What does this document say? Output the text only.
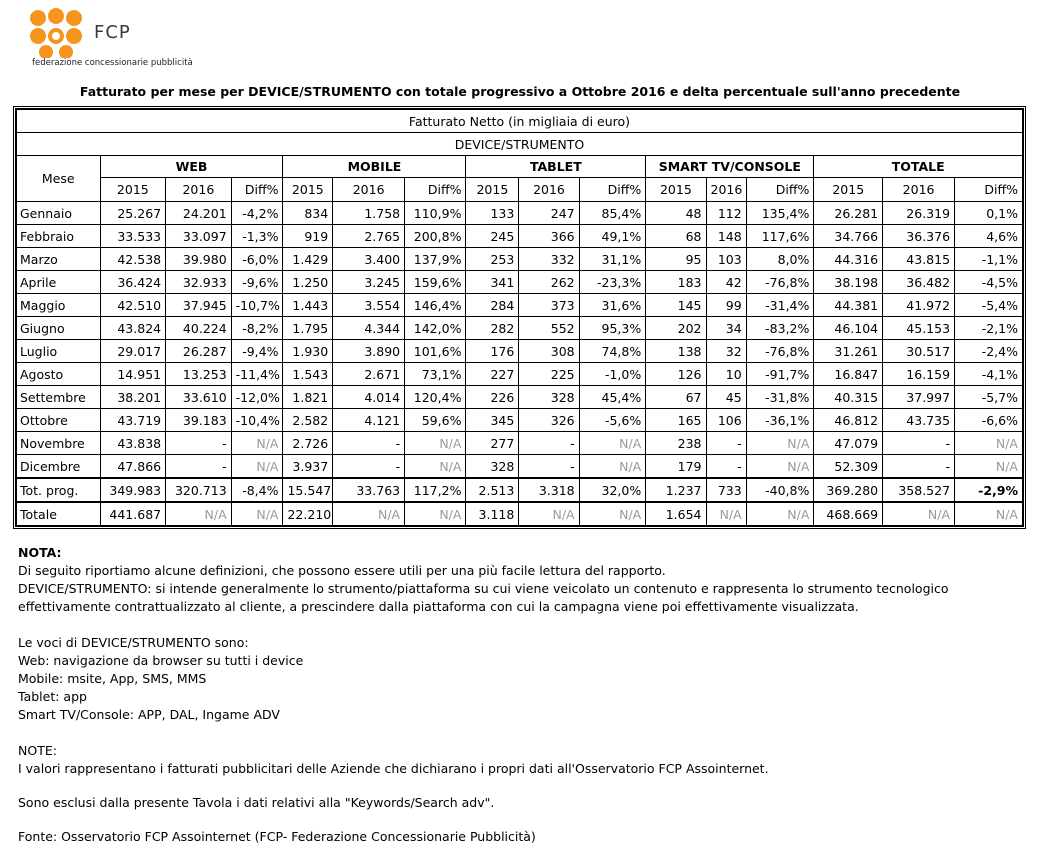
FCP
federazione concessionarie pubblicità
Fatturato per mese per DEVICE/STRUMENTO con totale progressivo a Ottobre 2016 e delta percentuale sull'anno precedente
Fatturato Netto (in migliaia di euro)															
DEVICE/STRUMENTO															
Mese	WEB			MOBILE			TABLET			SMART TV/CONSOLE			TOTALE		
	2015	2016	Diff%	2015	2016	Diff%	2015	2016	Diff%	2015	2016	Diff%	2015	2016	Diff%
Gennaio	25.267	24.201	-4,2%	834	1.758	110,9%	133	247	85,4%	48	112	135,4%	26.281	26.319	0,1%
Febbraio	33.533	33.097	-1,3%	919	2.765	200,8%	245	366	49,1%	68	148	117,6%	34.766	36.376	4,6%
Marzo	42.538	39.980	-6,0%	1.429	3.400	137,9%	253	332	31,1%	95	103	8,0%	44.316	43.815	-1,1%
Aprile	36.424	32.933	-9,6%	1.250	3.245	159,6%	341	262	-23,3%	183	42	-76,8%	38.198	36.482	-4,5%
Maggio	42.510	37.945	-10,7%	1.443	3.554	146,4%	284	373	31,6%	145	99	-31,4%	44.381	41.972	-5,4%
Giugno	43.824	40.224	-8,2%	1.795	4.344	142,0%	282	552	95,3%	202	34	-83,2%	46.104	45.153	-2,1%
Luglio	29.017	26.287	-9,4%	1.930	3.890	101,6%	176	308	74,8%	138	32	-76,8%	31.261	30.517	-2,4%
Agosto	14.951	13.253	-11,4%	1.543	2.671	73,1%	227	225	-1,0%	126	10	-91,7%	16.847	16.159	-4,1%
Settembre	38.201	33.610	-12,0%	1.821	4.014	120,4%	226	328	45,4%	67	45	-31,8%	40.315	37.997	-5,7%
Ottobre	43.719	39.183	-10,4%	2.582	4.121	59,6%	345	326	-5,6%	165	106	-36,1%	46.812	43.735	-6,6%
Novembre	43.838	-	N/A	2.726	-	N/A	277	-	N/A	238	-	N/A	47.079	-	N/A
Dicembre	47.866	-	N/A	3.937	-	N/A	328	-	N/A	179	-	N/A	52.309	-	N/A
Tot. prog.	349.983	320.713	-8,4%	15.547	33.763	117,2%	2.513	3.318	32,0%	1.237	733	-40,8%	369.280	358.527	-2,9%
Totale	441.687	N/A	N/A	22.210	N/A	N/A	3.118	N/A	N/A	1.654	N/A	N/A	468.669	N/A	N/A

NOTA:

Di seguito riportiamo alcune definizioni, che possono essere utili per una più facile lettura del rapporto.

DEVICE/STRUMENTO: si intende generalmente lo strumento/piattaforma su cui viene veicolato un contenuto e rappresenta lo strumento tecnologico

effettivamente contrattualizzato al cliente, a prescindere dalla piattaforma con cui la campagna viene poi effettivamente visualizzata.

Le voci di DEVICE/STRUMENTO sono:

Web: navigazione da browser su tutti i device

Mobile: msite, App, SMS, MMS

Tablet: app

Smart TV/Console: APP, DAL, Ingame ADV

NOTE:

I valori rappresentano i fatturati pubblicitari delle Aziende che dichiarano i propri dati all'Osservatorio FCP Assointernet.

Sono esclusi dalla presente Tavola i dati relativi alla "Keywords/Search adv".

Fonte: Osservatorio FCP Assointernet (FCP- Federazione Concessionarie Pubblicità)
